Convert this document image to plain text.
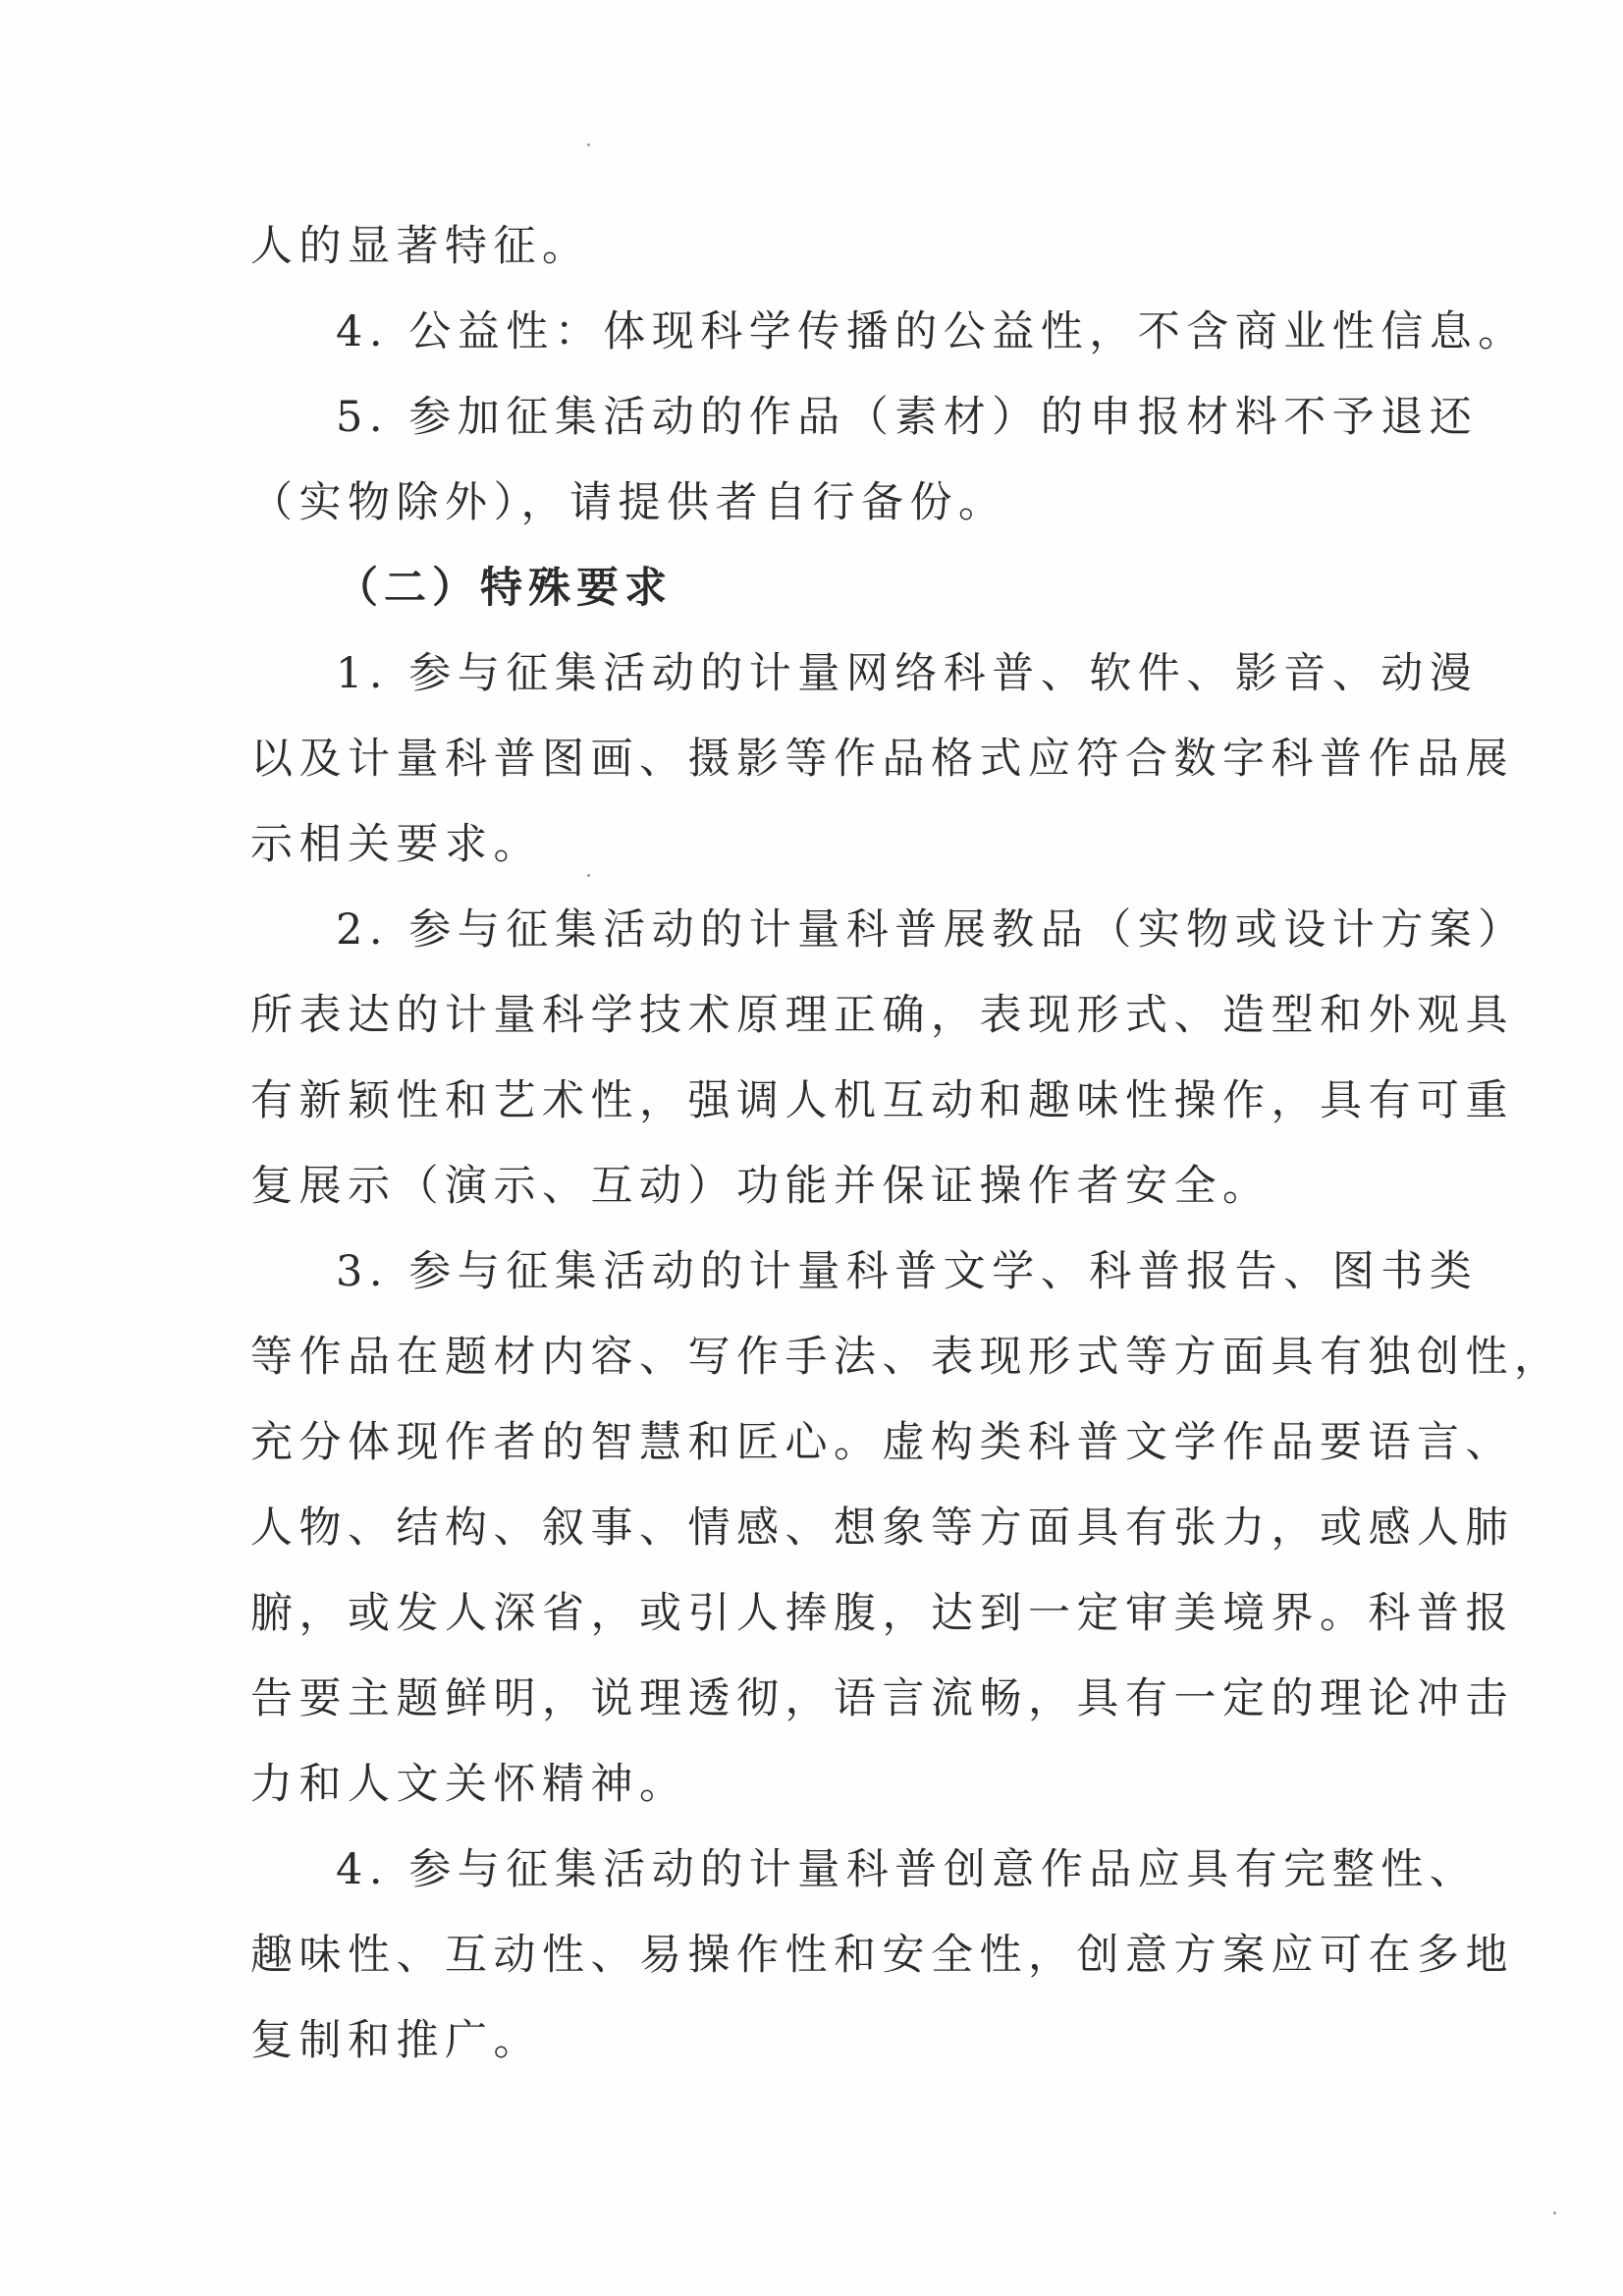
人的显著特征。
4. 公益性：体现科学传播的公益性，不含商业性信息。
5. 参加征集活动的作品（素材）的申报材料不予退还
（实物除外），请提供者自行备份。
（二）特殊要求
1. 参与征集活动的计量网络科普、软件、影音、动漫
以及计量科普图画、摄影等作品格式应符合数字科普作品展
示相关要求。
2. 参与征集活动的计量科普展教品（实物或设计方案）
所表达的计量科学技术原理正确，表现形式、造型和外观具
有新颖性和艺术性，强调人机互动和趣味性操作，具有可重
复展示（演示、互动）功能并保证操作者安全。
3. 参与征集活动的计量科普文学、科普报告、图书类
等作品在题材内容、写作手法、表现形式等方面具有独创性，
充分体现作者的智慧和匠心。虚构类科普文学作品要语言、
人物、结构、叙事、情感、想象等方面具有张力，或感人肺
腑，或发人深省，或引人捧腹，达到一定审美境界。科普报
告要主题鲜明，说理透彻，语言流畅，具有一定的理论冲击
力和人文关怀精神。
4. 参与征集活动的计量科普创意作品应具有完整性、
趣味性、互动性、易操作性和安全性，创意方案应可在多地
复制和推广。
